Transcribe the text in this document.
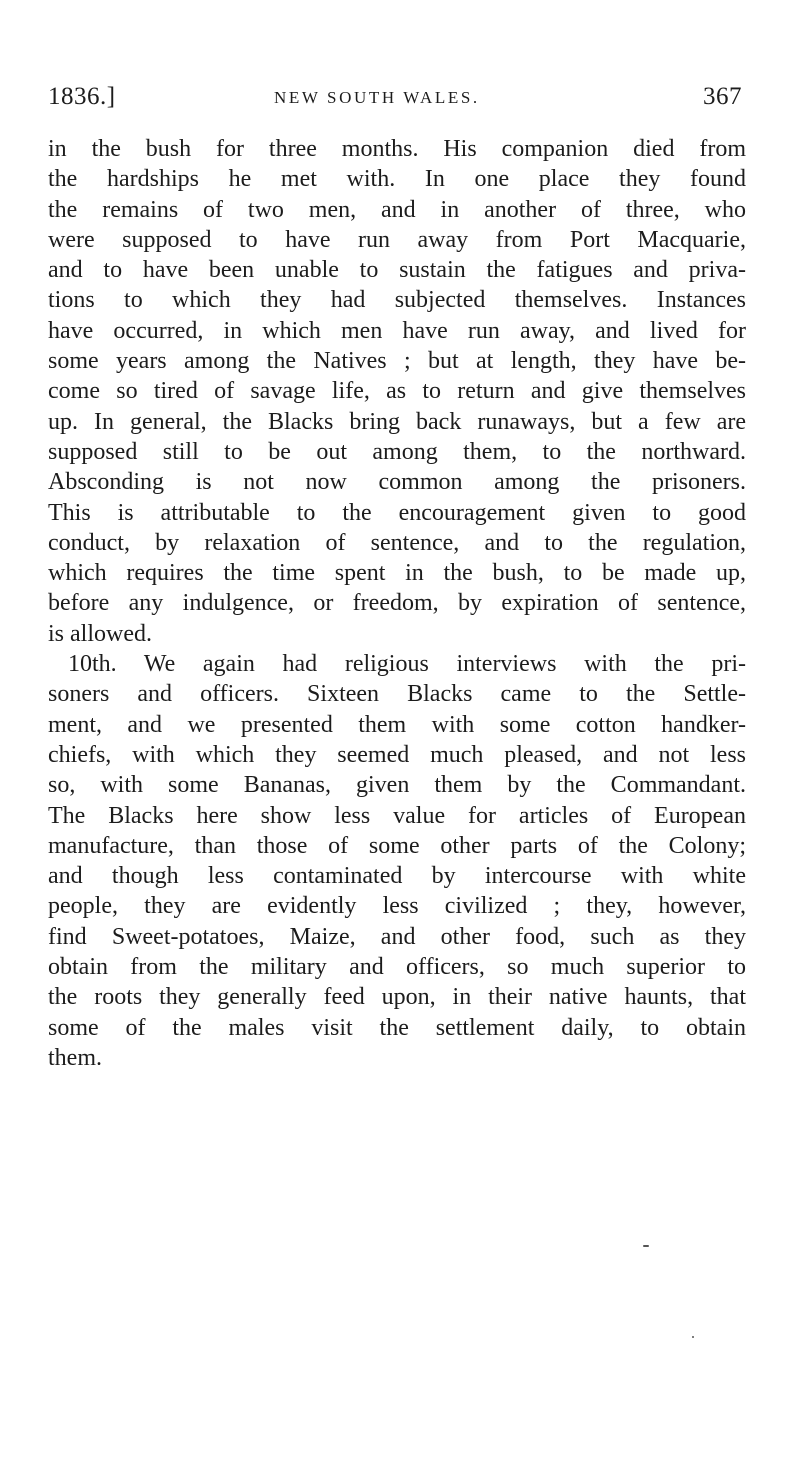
1836.]	NEW SOUTH WALES.	367
in the bush for three months. His companion died from
the hardships he met with. In one place they found
the remains of two men, and in another of three, who
were supposed to have run away from Port Macquarie,
and to have been unable to sustain the fatigues and priva-
tions to which they had subjected themselves. Instances
have occurred, in which men have run away, and lived for
some years among the Natives ; but at length, they have be-
come so tired of savage life, as to return and give themselves
up. In general, the Blacks bring back runaways, but a few are
supposed still to be out among them, to the northward.
Absconding is not now common among the prisoners.
This is attributable to the encouragement given to good
conduct, by relaxation of sentence, and to the regulation,
which requires the time spent in the bush, to be made up,
before any indulgence, or freedom, by expiration of sentence,
is allowed.
10th. We again had religious interviews with the pri-
soners and officers. Sixteen Blacks came to the Settle-
ment, and we presented them with some cotton handker-
chiefs, with which they seemed much pleased, and not less
so, with some Bananas, given them by the Commandant.
The Blacks here show less value for articles of European
manufacture, than those of some other parts of the Colony;
and though less contaminated by intercourse with white
people, they are evidently less civilized ; they, however,
find Sweet-potatoes, Maize, and other food, such as they
obtain from the military and officers, so much superior to
the roots they generally feed upon, in their native haunts, that
some of the males visit the settlement daily, to obtain
them.
